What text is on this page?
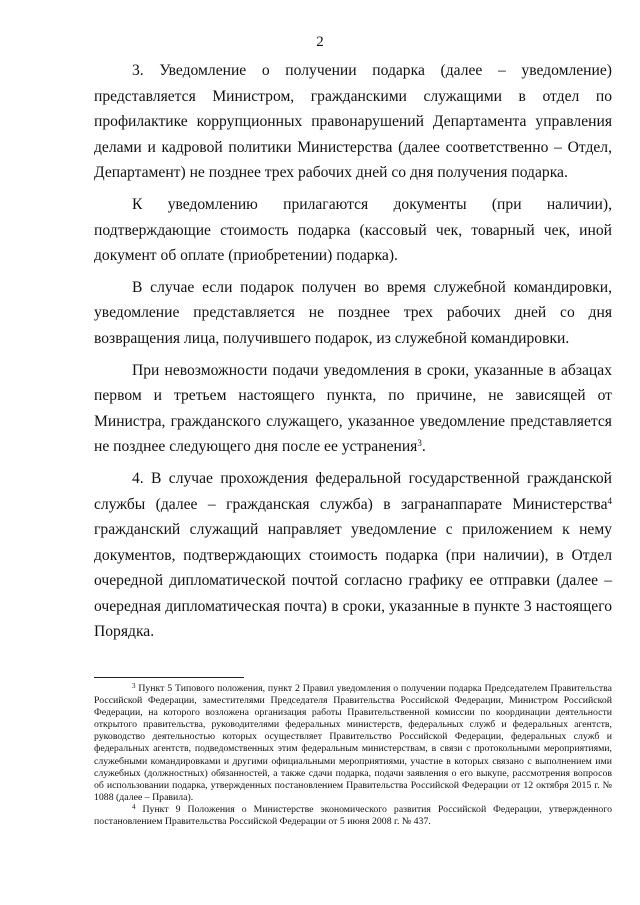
2

3. Уведомление о получении подарка (далее – уведомление) представляется Министром, гражданскими служащими в отдел по профилактике коррупционных правонарушений Департамента управления делами и кадровой политики Министерства (далее соответственно – Отдел, Департамент) не позднее трех рабочих дней со дня получения подарка.

К уведомлению прилагаются документы (при наличии), подтверждающие стоимость подарка (кассовый чек, товарный чек, иной документ об оплате (приобретении) подарка).

В случае если подарок получен во время служебной командировки, уведомление представляется не позднее трех рабочих дней со дня возвращения лица, получившего подарок, из служебной командировки.

При невозможности подачи уведомления в сроки, указанные в абзацах первом и третьем настоящего пункта, по причине, не зависящей от Министра, гражданского служащего, указанное уведомление представляется не позднее следующего дня после ее устранения$^3$.

4. В случае прохождения федеральной государственной гражданской службы (далее – гражданская служба) в загранаппарате Министерства$^4$ гражданский служащий направляет уведомление с приложением к нему документов, подтверждающих стоимость подарка (при наличии), в Отдел очередной дипломатической почтой согласно графику ее отправки (далее – очередная дипломатическая почта) в сроки, указанные в пункте 3 настоящего Порядка.

$^3$ Пункт 5 Типового положения, пункт 2 Правил уведомления о получении подарка Председателем Правительства Российской Федерации, заместителями Председателя Правительства Российской Федерации, Министром Российской Федерации, на которого возложена организация работы Правительственной комиссии по координации деятельности открытого правительства, руководителями федеральных министерств, федеральных служб и федеральных агентств, руководство деятельностью которых осуществляет Правительство Российской Федерации, федеральных служб и федеральных агентств, подведомственных этим федеральным министерствам, в связи с протокольными мероприятиями, служебными командировками и другими официальными мероприятиями, участие в которых связано с выполнением ими служебных (должностных) обязанностей, а также сдачи подарка, подачи заявления о его выкупе, рассмотрения вопросов об использовании подарка, утвержденных постановлением Правительства Российской Федерации от 12 октября 2015 г. № 1088 (далее – Правила).

$^4$ Пункт 9 Положения о Министерстве экономического развития Российской Федерации, утвержденного постановлением Правительства Российской Федерации от 5 июня 2008 г. № 437.
